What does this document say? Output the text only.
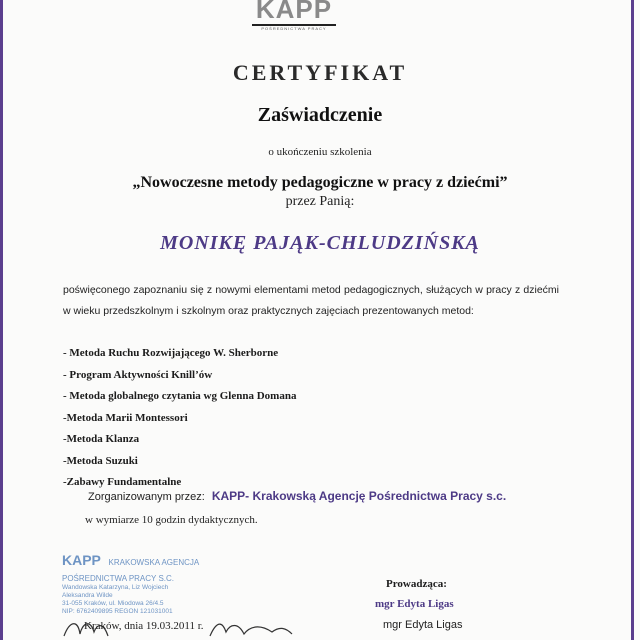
KAPP
POŚREDNICTWA PRACY
CERTYFIKAT
Zaświadczenie
o ukończeniu szkolenia
„Nowoczesne metody pedagogiczne w pracy z dziećmi”
przez Panią:
MONIKĘ PAJĄK-CHLUDZIŃSKĄ
poświęconego zapoznaniu się z nowymi elementami metod pedagogicznych, służących w pracy z dziećmi w wieku przedszkolnym i szkolnym oraz praktycznych zajęciach prezentowanych metod:
- Metoda Ruchu Rozwijającego W. Sherborne
- Program Aktywności Knill’ów
- Metoda globalnego czytania wg Glenna Domana
-Metoda Marii Montessori
-Metoda Klanza
-Metoda Suzuki
-Zabawy Fundamentalne
Zorganizowanym przez: KAPP- Krakowską Agencję Pośrednictwa Pracy s.c.
w wymiarze 10 godzin dydaktycznych.
KAPP KRAKOWSKA AGENCJA POŚREDNICTWA PRACY S.C.
Wandowska Katarzyna, Liz Wojciech
Aleksandra Wilde
31-055 Kraków, ul. Miodowa 26/4.5
NIP: 6762409895 REGON 121031001
Kraków, dnia 19.03.2011 r.
Prowadząca:
mgr Edyta Ligas
mgr Edyta Ligas
